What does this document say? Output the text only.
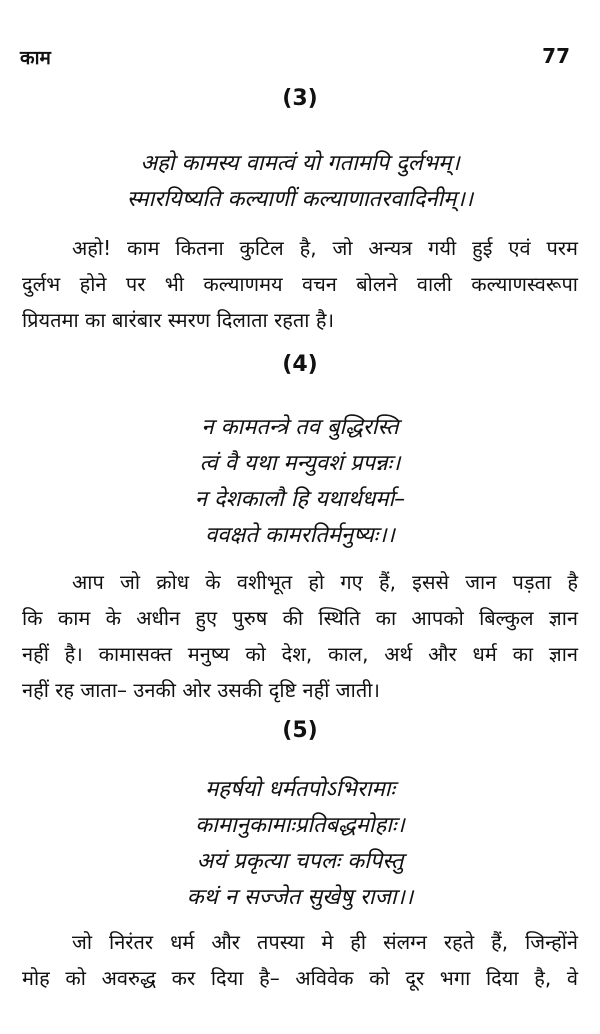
काम	77
(3)
अहो कामस्य वामत्वं यो गतामपि दुर्लभम्।
स्मारयिष्यति कल्याणीं कल्याणातरवादिनीम्।।
अहो! काम कितना कुटिल है, जो अन्यत्र गयी हुई एवं परम
दुर्लभ होने पर भी कल्याणमय वचन बोलने वाली कल्याणस्वरूपा
प्रियतमा का बारंबार स्मरण दिलाता रहता है।
(4)
न कामतन्त्रे तव बुद्धिरस्ति
त्वं वै यथा मन्युवशं प्रपन्नः।
न देशकालौ हि यथार्थधर्मा–
ववक्षते कामरतिर्मनुष्यः।।
आप जो क्रोध के वशीभूत हो गए हैं, इससे जान पड़ता है
कि काम के अधीन हुए पुरुष की स्थिति का आपको बिल्कुल ज्ञान
नहीं है। कामासक्त मनुष्य को देश, काल, अर्थ और धर्म का ज्ञान
नहीं रह जाता– उनकी ओर उसकी दृष्टि नहीं जाती।
(5)
महर्षयो धर्मतपोऽभिरामाः
कामानुकामाःप्रतिबद्धमोहाः।
अयं प्रकृत्या चपलः कपिस्तु
कथं न सज्जेत सुखेषु राजा।।
जो निरंतर धर्म और तपस्या मे ही संलग्न रहते हैं, जिन्होंने
मोह को अवरुद्ध कर दिया है– अविवेक को दूर भगा दिया है, वे
